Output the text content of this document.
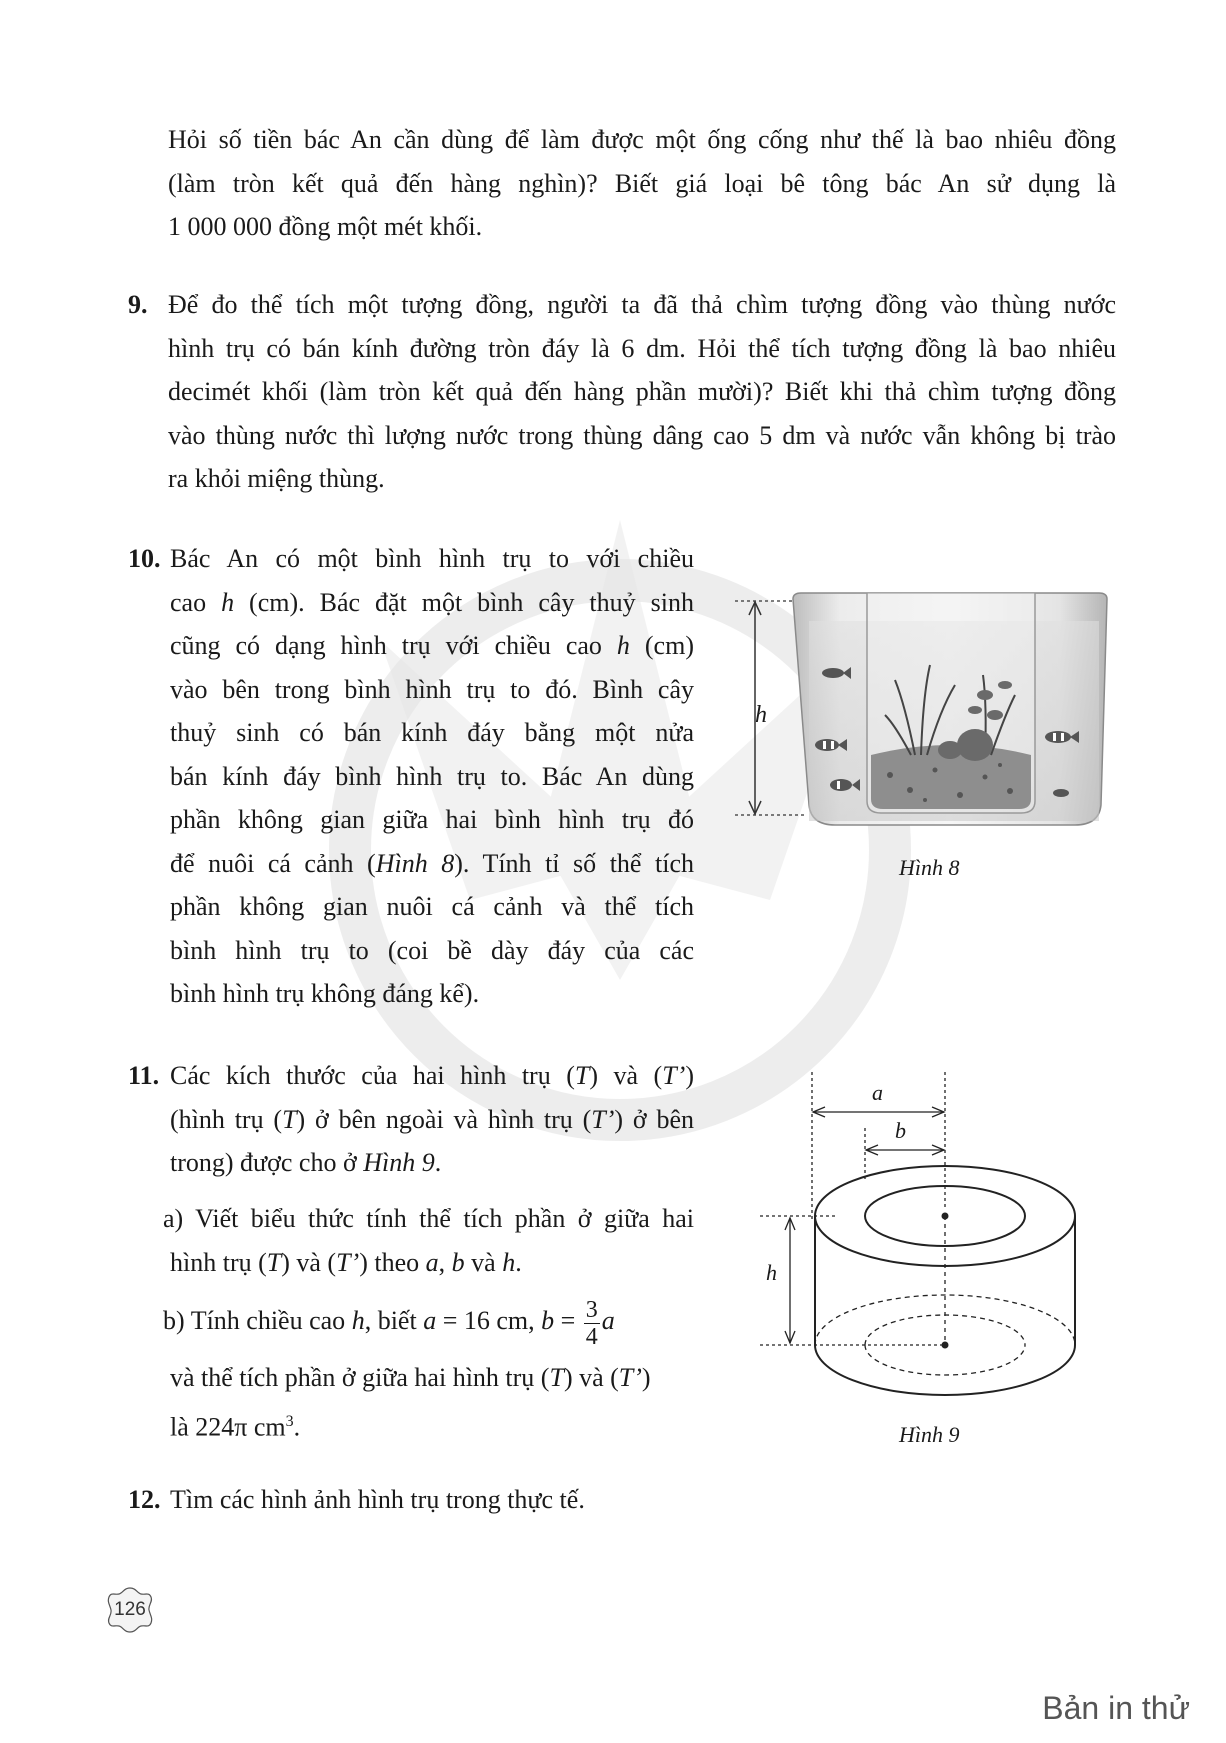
Hỏi số tiền bác An cần dùng để làm được một ống cống như thế là bao nhiêu đồng
(làm tròn kết quả đến hàng nghìn)? Biết giá loại bê tông bác An sử dụng là
1 000 000 đồng một mét khối.
9. Để đo thể tích một tượng đồng, người ta đã thả chìm tượng đồng vào thùng nước
hình trụ có bán kính đường tròn đáy là 6 dm. Hỏi thể tích tượng đồng là bao nhiêu
decimét khối (làm tròn kết quả đến hàng phần mười)? Biết khi thả chìm tượng đồng
vào thùng nước thì lượng nước trong thùng dâng cao 5 dm và nước vẫn không bị trào
ra khỏi miệng thùng.
10. Bác An có một bình hình trụ to với chiều
cao h (cm). Bác đặt một bình cây thuỷ sinh
cũng có dạng hình trụ với chiều cao h (cm)
vào bên trong bình hình trụ to đó. Bình cây
thuỷ sinh có bán kính đáy bằng một nửa
bán kính đáy bình hình trụ to. Bác An dùng
phần không gian giữa hai bình hình trụ đó
để nuôi cá cảnh (Hình 8). Tính tỉ số thể tích
phần không gian nuôi cá cảnh và thể tích
bình hình trụ to (coi bề dày đáy của các
bình hình trụ không đáng kể).
h
Hình 8
11. Các kích thước của hai hình trụ (T) và (T’)
(hình trụ (T) ở bên ngoài và hình trụ (T’) ở bên
trong) được cho ở Hình 9.
a) Viết biểu thức tính thể tích phần ở giữa hai
hình trụ (T) và (T’) theo a, b và h.
b) Tính chiều cao h, biết a = 16 cm, $b = \frac{3}{4}$ a
và thể tích phần ở giữa hai hình trụ (T) và (T’)
là 224π $cm^3$.
a
b
h
Hình 9
12. Tìm các hình ảnh hình trụ trong thực tế.
126
Bản in thử
